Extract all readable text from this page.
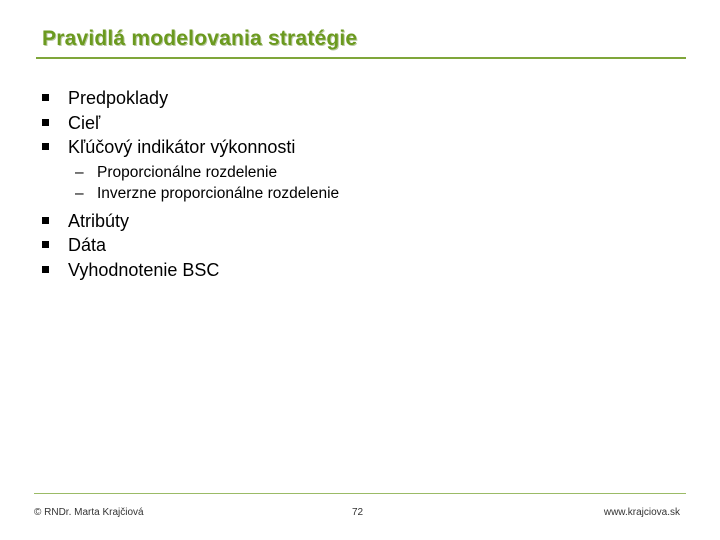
Pravidlá modelovania stratégie
Predpoklady
Cieľ
Kľúčový indikátor výkonnosti
– Proporcionálne rozdelenie
– Inverzne proporcionálne rozdelenie
Atribúty
Dáta
Vyhodnotenie BSC
© RNDr. Marta Krajčiová	72	www.krajciova.sk
